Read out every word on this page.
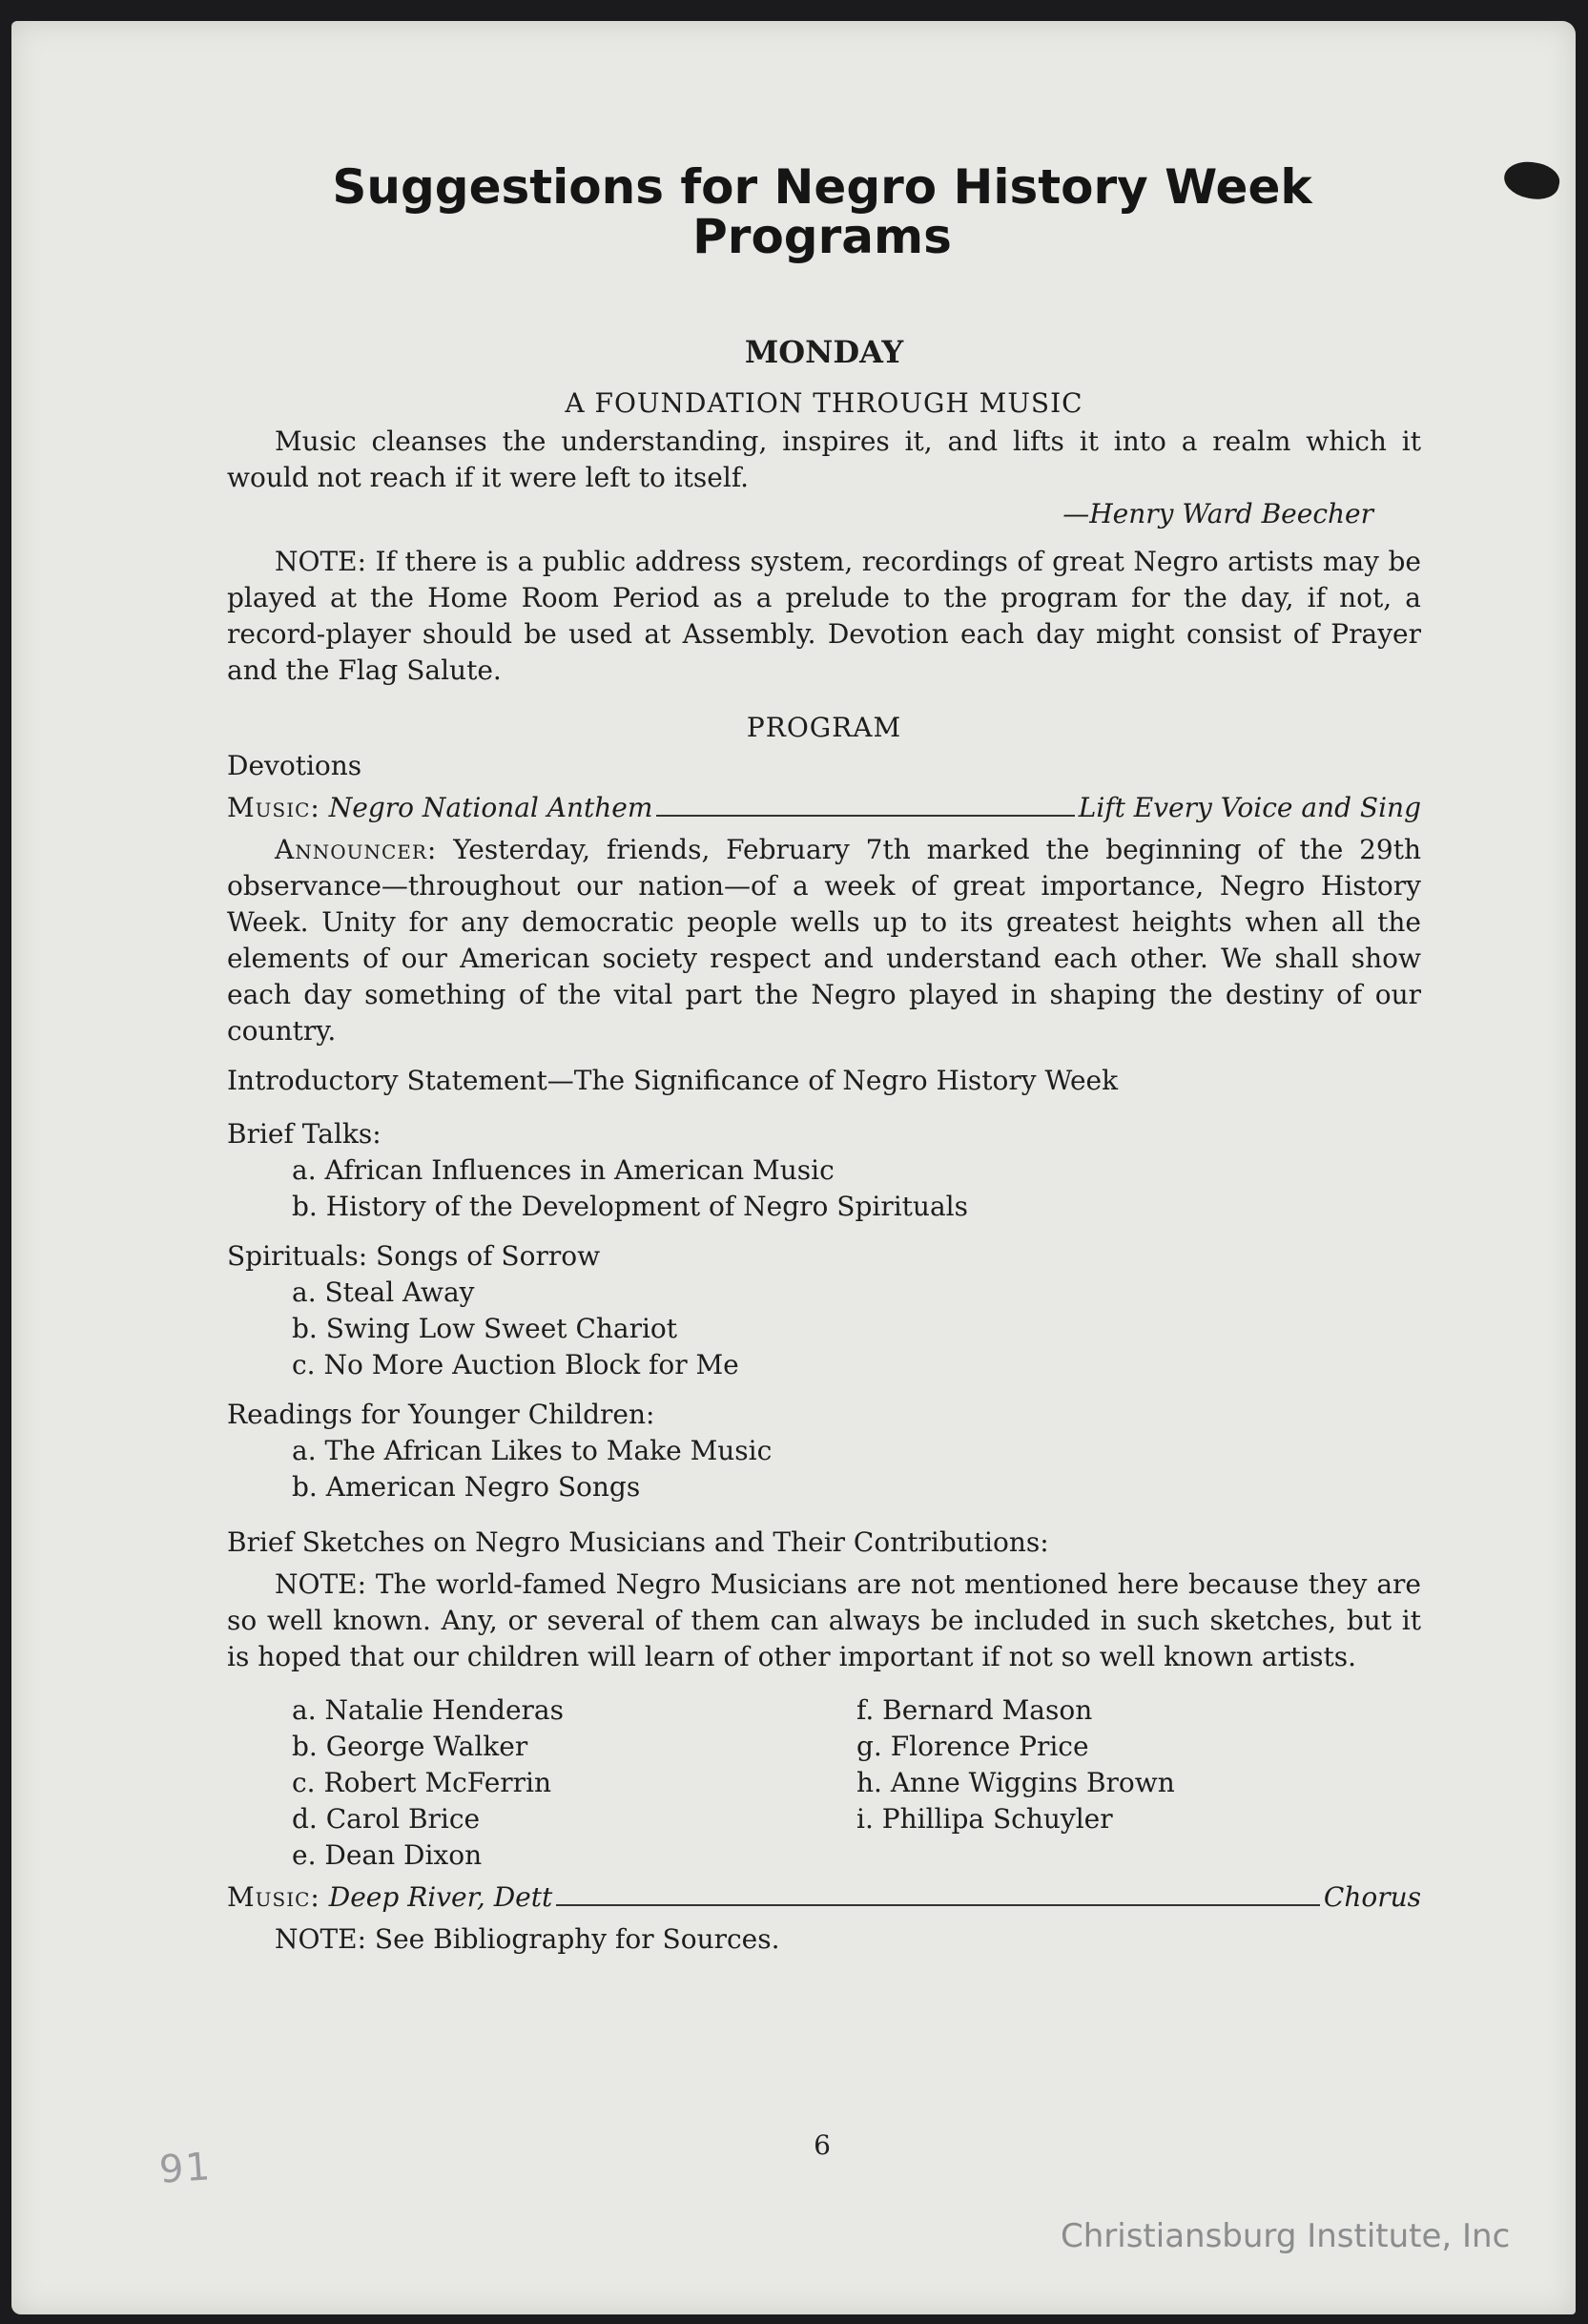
Suggestions for Negro History Week
Programs
MONDAY
A FOUNDATION THROUGH MUSIC

Music cleanses the understanding, inspires it, and lifts it into a realm which it would not reach if it were left to itself.

—Henry Ward Beecher

NOTE: If there is a public address system, recordings of great Negro artists may be played at the Home Room Period as a prelude to the program for the day, if not, a record-player should be used at Assembly. Devotion each day might consist of Prayer and the Flag Salute.

PROGRAM
Devotions
Music: Negro National Anthem	Lift Every Voice and Sing

Announcer: Yesterday, friends, February 7th marked the beginning of the 29th observance—throughout our nation—of a week of great importance, Negro History Week. Unity for any democratic people wells up to its greatest heights when all the elements of our American society respect and understand each other. We shall show each day something of the vital part the Negro played in shaping the destiny of our country.

Introductory Statement—The Significance of Negro History Week
Brief Talks:
a. African Influences in American Music
b. History of the Development of Negro Spirituals
Spirituals: Songs of Sorrow
a. Steal Away
b. Swing Low Sweet Chariot
c. No More Auction Block for Me
Readings for Younger Children:
a. The African Likes to Make Music
b. American Negro Songs
Brief Sketches on Negro Musicians and Their Contributions:

NOTE: The world-famed Negro Musicians are not mentioned here because they are so well known. Any, or several of them can always be included in such sketches, but it is hoped that our children will learn of other important if not so well known artists.

a. Natalie Henderas
b. George Walker
c. Robert McFerrin
d. Carol Brice
e. Dean Dixon
f. Bernard Mason
g. Florence Price
h. Anne Wiggins Brown
i. Phillipa Schuyler
Music: Deep River, Dett	Chorus

NOTE: See Bibliography for Sources.

6
91
Christiansburg Institute, Inc
